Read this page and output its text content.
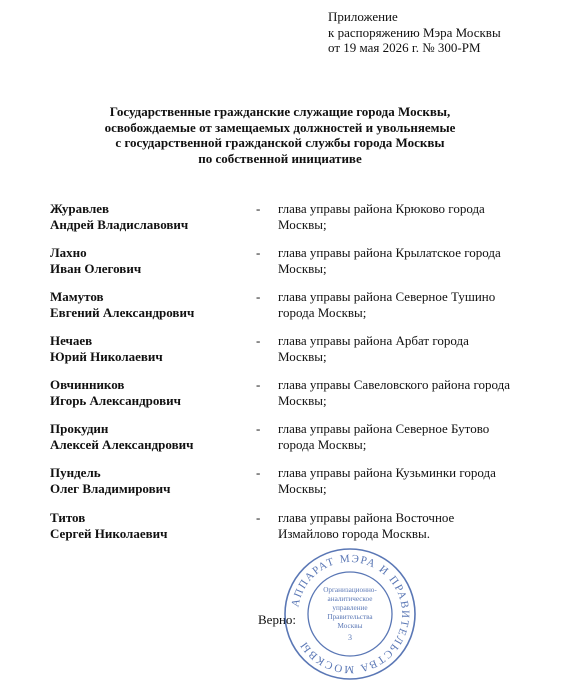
Приложение
к распоряжению Мэра Москвы
от 19 мая 2026 г. № 300-РМ
Государственные гражданские служащие города Москвы,
освобождаемые от замещаемых должностей и увольняемые
с государственной гражданской службы города Москвы
по собственной инициативе
Журавлев
Андрей Владиславович
- глава управы района Крюково города
Москвы;
Лахно
Иван Олегович
- глава управы района Крылатское города
Москвы;
Мамутов
Евгений Александрович
- глава управы района Северное Тушино
города Москвы;
Нечаев
Юрий Николаевич
- глава управы района Арбат города
Москвы;
Овчинников
Игорь Александрович
- глава управы Савеловского района города
Москвы;
Прокудин
Алексей Александрович
- глава управы района Северное Бутово
города Москвы;
Пундель
Олег Владимирович
- глава управы района Кузьминки города
Москвы;
Титов
Сергей Николаевич
- глава управы района Восточное
Измайлово города Москвы.
Верно:
АППАРАТ МЭРА И ПРАВИТЕЛЬСТВА МОСКВЫ
Организационно-
аналитическое
управление
Правительства
Москвы
3
